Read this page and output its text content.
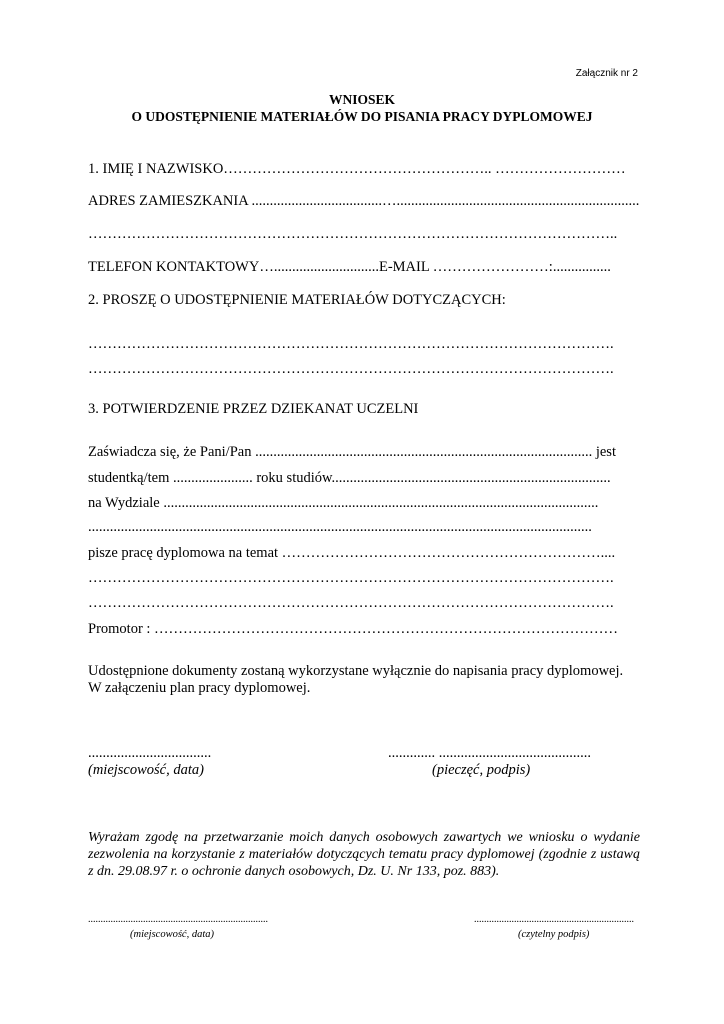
Załącznik nr 2
WNIOSEK
O UDOSTĘPNIENIE MATERIAŁÓW DO PISANIA PRACY DYPLOMOWEJ
1. IMIĘ I NAZWISKO……………………………………………….. ………………………
ADRES ZAMIESZKANIA ....................................…...................................................................
………………………………………………………………………………………………..
TELEFON KONTAKTOWY….............................E-MAIL ……………………:................
2. PROSZĘ O UDOSTĘPNIENIE MATERIAŁÓW DOTYCZĄCYCH:
……………………………………………………………………………………………….
……………………………………………………………………………………………….
3. POTWIERDZENIE PRZEZ DZIEKANAT UCZELNI
Zaświadcza się, że Pani/Pan ............................................................................................. jest
studentką/tem ...................... roku studiów.............................................................................
na Wydziale ........................................................................................................................
...........................................................................................................................................
pisze pracę dyplomowa na temat …………………………………………………………....
……………………………………………………………………………………………….
……………………………………………………………………………………………….
Promotor : ……………………………………………………………………………………
Udostępnione dokumenty zostaną wykorzystane wyłącznie do napisania pracy dyplomowej.
W załączeniu plan pracy dyplomowej.
..................................
(miejscowość, data)
............. ..........................................
(pieczęć, podpis)
Wyrażam zgodę na przetwarzanie moich danych osobowych zawartych we wniosku o wydanie zezwolenia na korzystanie z materiałów dotyczących tematu pracy dyplomowej (zgodnie z ustawą z dn. 29.08.97 r. o ochronie danych osobowych, Dz. U. Nr 133, poz. 883).
........................................................................
(miejscowość, data)
................................................................
(czytelny podpis)
